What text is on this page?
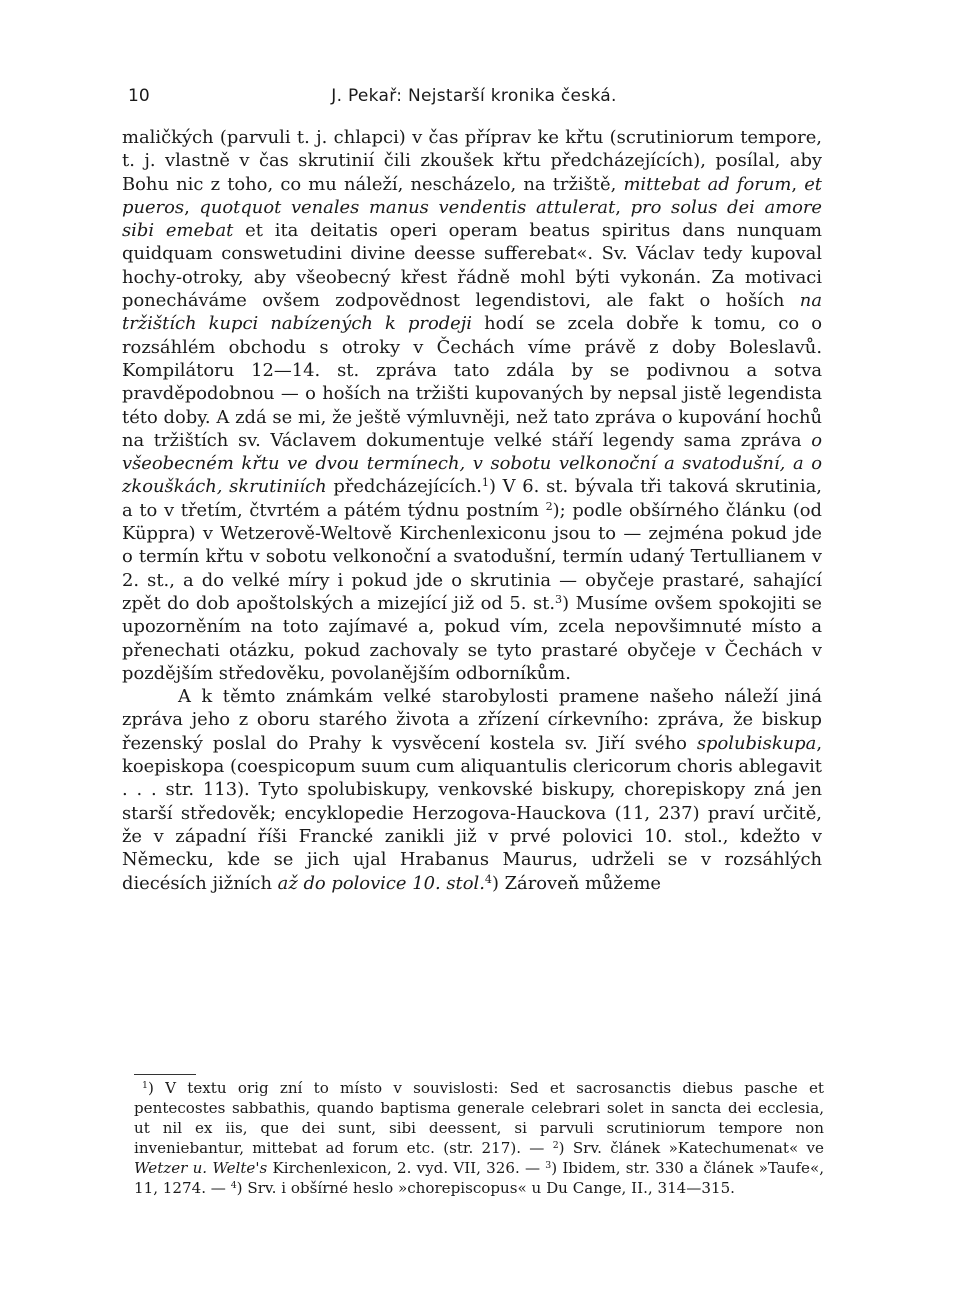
10	J. Pekař: Nejstarší kronika česká.

maličkých (parvuli t. j. chlapci) v čas příprav ke křtu (scrutiniorum tempore, t. j. vlastně v čas skrutinií čili zkoušek křtu předcházejících), posílal, aby Bohu nic z toho, co mu náleží, nescházelo, na tržiště, mittebat ad forum, et pueros, quotquot venales manus vendentis attulerat, pro solus dei amore sibi emebat et ita deitatis operi operam beatus spiritus dans nunquam quidquam conswetudini divine deesse sufferebat«. Sv. Václav tedy kupoval hochy-otroky, aby všeobecný křest řádně mohl býti vykonán. Za motivaci ponecháváme ovšem zodpovědnost legendistovi, ale fakt o hoších na tržištích kupci nabízených k prodeji hodí se zcela dobře k tomu, co o rozsáhlém obchodu s otroky v Čechách víme právě z doby Boleslavů. Kompilátoru 12—14. st. zpráva tato zdála by se podivnou a sotva pravděpodobnou — o hoších na tržišti kupovaných by nepsal jistě legendista této doby. A zdá se mi, že ještě výmluvněji, než tato zpráva o kupování hochů na tržištích sv. Václavem dokumentuje velké stáří legendy sama zpráva o všeobecném křtu ve dvou termínech, v sobotu velkonoční a svatodušní, a o zkouškách, skrutiniích předcházejících.$^1$) V 6. st. bývala tři taková skrutinia, a to v třetím, čtvrtém a pátém týdnu postním $^2$); podle obšírného článku (od Küppra) v Wetzerově-Weltově Kirchenlexiconu jsou to — zejména pokud jde o termín křtu v sobotu velkonoční a svatodušní, termín udaný Tertullianem v 2. st., a do velké míry i pokud jde o skrutinia — obyčeje prastaré, sahající zpět do dob apoštolských a mizející již od 5. st.$^3$) Musíme ovšem spokojiti se upozorněním na toto zajímavé a, pokud vím, zcela nepovšimnuté místo a přenechati otázku, pokud zachovaly se tyto prastaré obyčeje v Čechách v pozdějším středověku, povolanějším odborníkům.

A k těmto známkám velké starobylosti pramene našeho náleží jiná zpráva jeho z oboru starého života a zřízení církevního: zpráva, že biskup řezenský poslal do Prahy k vysvěcení kostela sv. Jiří svého spolubiskupa, koepiskopa (coespicopum suum cum aliquantulis clericorum choris ablegavit . . . str. 113). Tyto spolubiskupy, venkovské biskupy, chorepiskopy zná jen starší středověk; encyklopedie Herzogova-Hauckova (11, 237) praví určitě, že v západní říši Francké zanikli již v prvé polovici 10. stol., kdežto v Německu, kde se jich ujal Hrabanus Maurus, udrželi se v rozsáhlých diecésích jižních až do polovice 10. stol.$^4$) Zároveň můžeme

$^1$) V textu orig zní to místo v souvislosti: Sed et sacrosanctis diebus pasche et pentecostes sabbathis, quando baptisma generale celebrari solet in sancta dei ecclesia, ut nil ex iis, que dei sunt, sibi deessent, si parvuli scrutiniorum tempore non inveniebantur, mittebat ad forum etc. (str. 217). — $^2$) Srv. článek »Katechumenat« ve Wetzer u. Welte's Kirchenlexicon, 2. vyd. VII, 326. — $^3$) Ibidem, str. 330 a článek »Taufe«, 11, 1274. — $^4$) Srv. i obšírné heslo »chorepiscopus« u Du Cange, II., 314—315.
